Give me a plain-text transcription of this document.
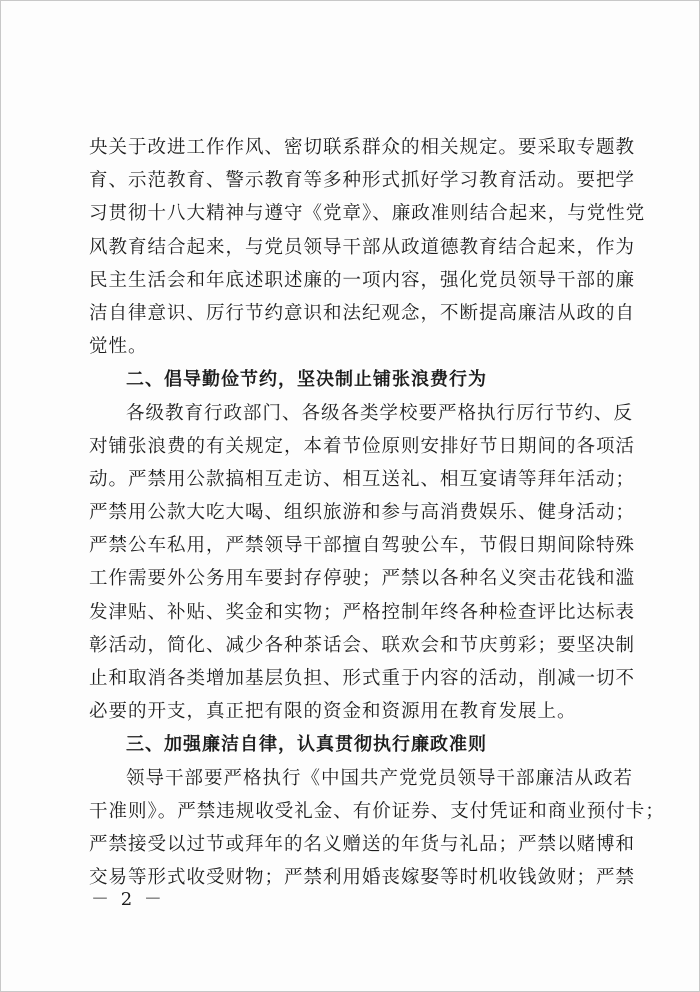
央关于改进工作作风、密切联系群众的相关规定。要采取专题教
育、示范教育、警示教育等多种形式抓好学习教育活动。要把学
习贯彻十八大精神与遵守《党章》、廉政准则结合起来，与党性党
风教育结合起来，与党员领导干部从政道德教育结合起来，作为
民主生活会和年底述职述廉的一项内容，强化党员领导干部的廉
洁自律意识、厉行节约意识和法纪观念，不断提高廉洁从政的自
觉性。
二、倡导勤俭节约，坚决制止铺张浪费行为
各级教育行政部门、各级各类学校要严格执行厉行节约、反
对铺张浪费的有关规定，本着节俭原则安排好节日期间的各项活
动。严禁用公款搞相互走访、相互送礼、相互宴请等拜年活动；
严禁用公款大吃大喝、组织旅游和参与高消费娱乐、健身活动；
严禁公车私用，严禁领导干部擅自驾驶公车，节假日期间除特殊
工作需要外公务用车要封存停驶；严禁以各种名义突击花钱和滥
发津贴、补贴、奖金和实物；严格控制年终各种检查评比达标表
彰活动，简化、减少各种茶话会、联欢会和节庆剪彩；要坚决制
止和取消各类增加基层负担、形式重于内容的活动，削减一切不
必要的开支，真正把有限的资金和资源用在教育发展上。
三、加强廉洁自律，认真贯彻执行廉政准则
领导干部要严格执行《中国共产党党员领导干部廉洁从政若
干准则》。严禁违规收受礼金、有价证券、支付凭证和商业预付卡；
严禁接受以过节或拜年的名义赠送的年货与礼品；严禁以赌博和
交易等形式收受财物；严禁利用婚丧嫁娶等时机收钱敛财；严禁
－ 2 －
